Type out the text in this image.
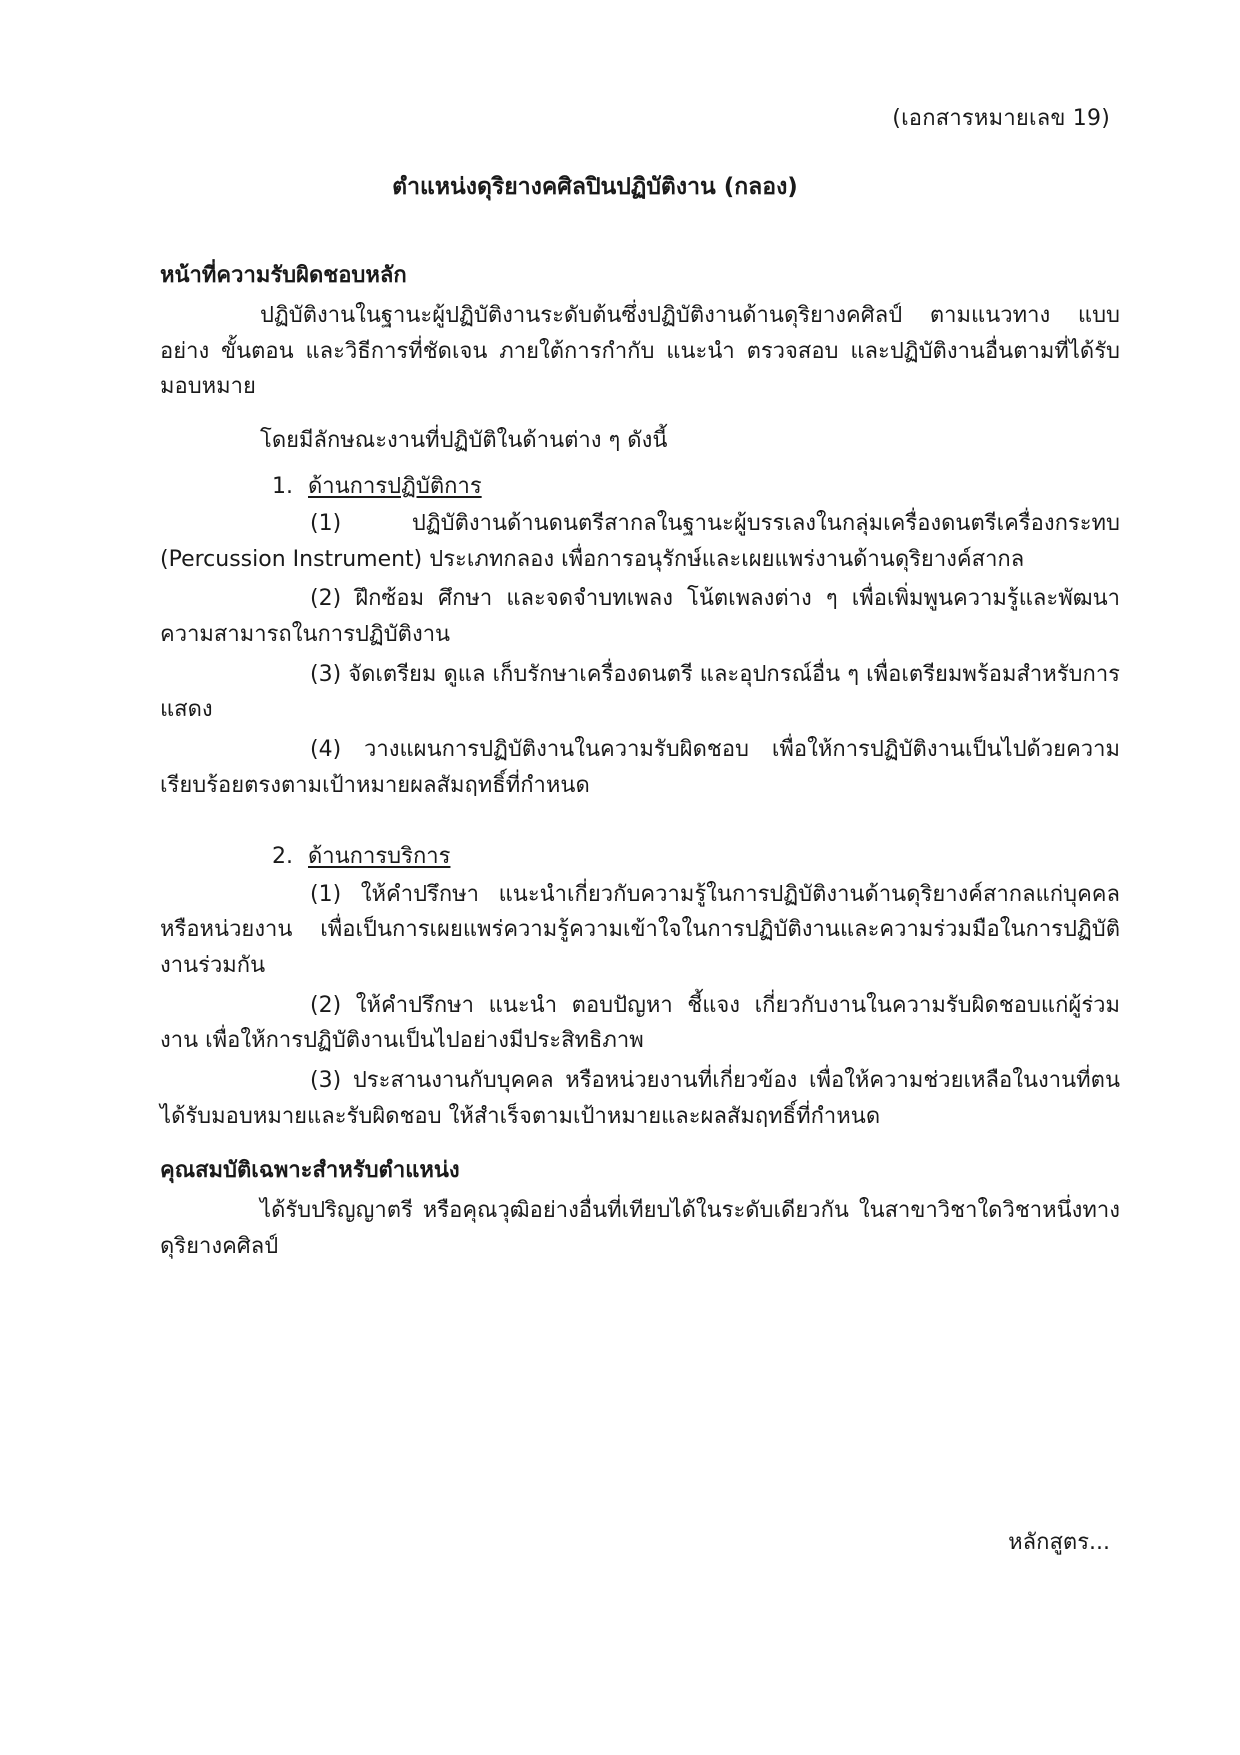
(เอกสารหมายเลข 19)
ตำแหน่งดุริยางคศิลปินปฏิบัติงาน (กลอง)
หน้าที่ความรับผิดชอบหลัก

ปฏิบัติงานในฐานะผู้ปฏิบัติงานระดับต้นซึ่งปฏิบัติงานด้านดุริยางคศิลป์ ตามแนวทาง แบบอย่าง ขั้นตอน และวิธีการที่ชัดเจน ภายใต้การกำกับ แนะนำ ตรวจสอบ และปฏิบัติงานอื่นตามที่ได้รับมอบหมาย

โดยมีลักษณะงานที่ปฏิบัติในด้านต่าง ๆ ดังนี้

1. ด้านการปฏิบัติการ

(1) ปฏิบัติงานด้านดนตรีสากลในฐานะผู้บรรเลงในกลุ่มเครื่องดนตรีเครื่องกระทบ (Percussion Instrument) ประเภทกลอง เพื่อการอนุรักษ์และเผยแพร่งานด้านดุริยางค์สากล

(2) ฝึกซ้อม ศึกษา และจดจำบทเพลง โน้ตเพลงต่าง ๆ เพื่อเพิ่มพูนความรู้และพัฒนาความสามารถในการปฏิบัติงาน

(3) จัดเตรียม ดูแล เก็บรักษาเครื่องดนตรี และอุปกรณ์อื่น ๆ เพื่อเตรียมพร้อมสำหรับการแสดง

(4) วางแผนการปฏิบัติงานในความรับผิดชอบ เพื่อให้การปฏิบัติงานเป็นไปด้วยความเรียบร้อยตรงตามเป้าหมายผลสัมฤทธิ์ที่กำหนด

2. ด้านการบริการ

(1) ให้คำปรึกษา แนะนำเกี่ยวกับความรู้ในการปฏิบัติงานด้านดุริยางค์สากลแก่บุคคลหรือหน่วยงาน เพื่อเป็นการเผยแพร่ความรู้ความเข้าใจในการปฏิบัติงานและความร่วมมือในการปฏิบัติงานร่วมกัน

(2) ให้คำปรึกษา แนะนำ ตอบปัญหา ชี้แจง เกี่ยวกับงานในความรับผิดชอบแก่ผู้ร่วมงาน เพื่อให้การปฏิบัติงานเป็นไปอย่างมีประสิทธิภาพ

(3) ประสานงานกับบุคคล หรือหน่วยงานที่เกี่ยวข้อง เพื่อให้ความช่วยเหลือในงานที่ตนได้รับมอบหมายและรับผิดชอบ ให้สำเร็จตามเป้าหมายและผลสัมฤทธิ์ที่กำหนด

คุณสมบัติเฉพาะสำหรับตำแหน่ง

ได้รับปริญญาตรี หรือคุณวุฒิอย่างอื่นที่เทียบได้ในระดับเดียวกัน ในสาขาวิชาใดวิชาหนึ่งทางดุริยางคศิลป์

หลักสูตร...
